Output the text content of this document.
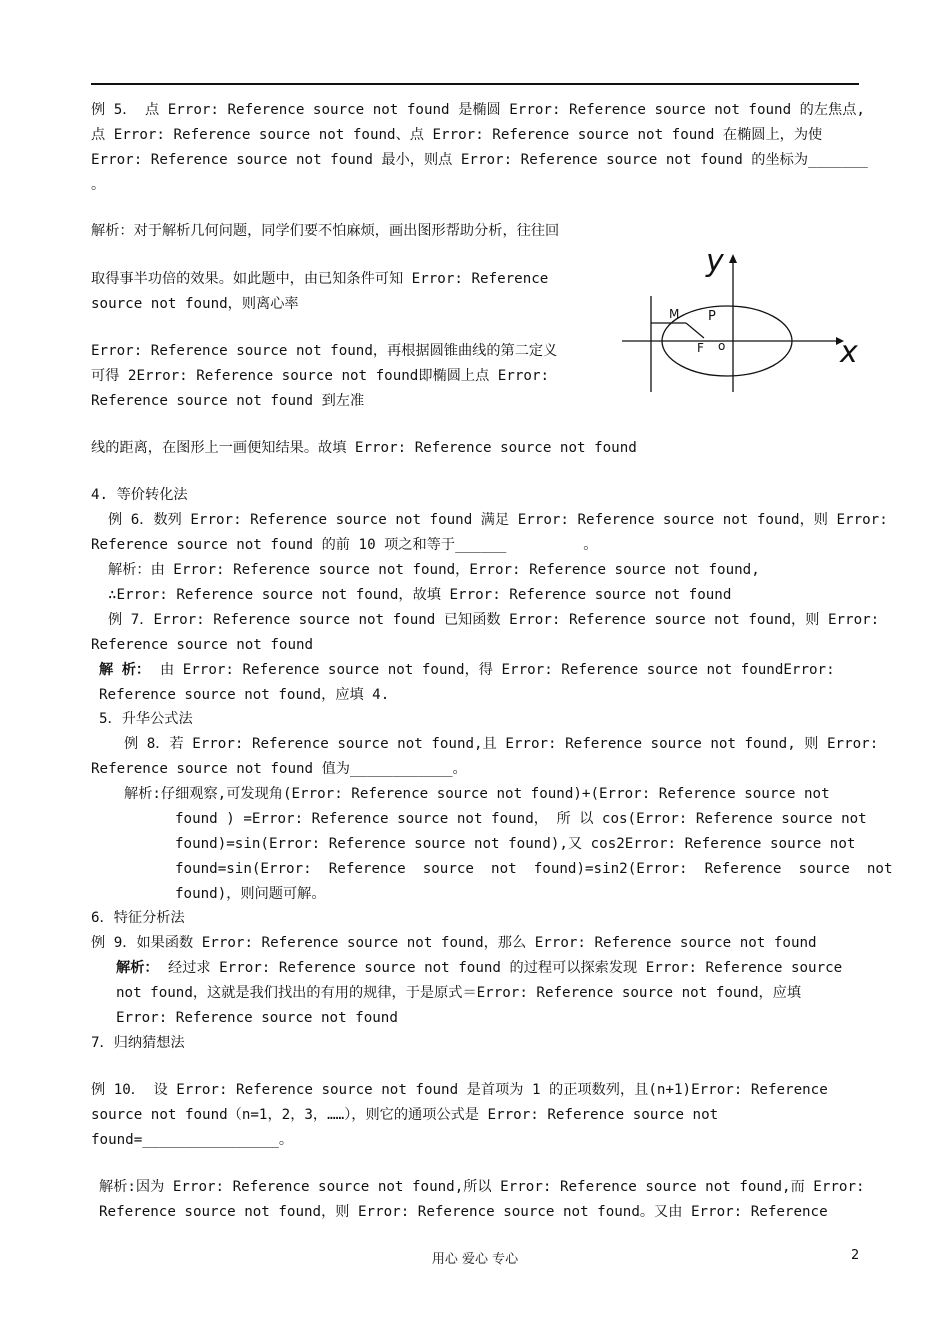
例 5． 点 Error: Reference source not found 是椭圆 Error: Reference source not found 的左焦点,
点 Error: Reference source not found、点 Error: Reference source not found 在椭圆上，为使
Error: Reference source not found 最小，则点 Error: Reference source not found 的坐标为_______
。
解析：对于解析几何问题，同学们要不怕麻烦，画出图形帮助分析，往往回
取得事半功倍的效果。如此题中，由已知条件可知 Error: Reference
source not found，则离心率
Error: Reference source not found，再根据圆锥曲线的第二定义
可得 2Error: Reference source not found即椭圆上点 Error:
Reference source not found 到左准
线的距离，在图形上一画便知结果。故填 Error: Reference source not found
y
x
M P
F o
4. 等价转化法
例 6．数列 Error: Reference source not found 满足 Error: Reference source not found，则 Error:
Reference source not found 的前 10 项之和等于______         。
解析：由 Error: Reference source not found，Error: Reference source not found,
∴Error: Reference source not found，故填 Error: Reference source not found
例 7．Error: Reference source not found 已知函数 Error: Reference source not found，则 Error:
Reference source not found
解 析： 由 Error: Reference source not found，得 Error: Reference source not foundError:
Reference source not found，应填 4.
5．升华公式法
例 8．若 Error: Reference source not found,且 Error: Reference source not found, 则 Error:
Reference source not found 值为____________。
解析:仔细观察,可发现角(Error: Reference source not found)+(Error: Reference source not
found ) =Error: Reference source not found， 所 以 cos(Error: Reference source not
found)=sin(Error: Reference source not found),又 cos2Error: Reference source not
found=sin(Error:  Reference  source  not  found)=sin2(Error:  Reference  source  not
found)，则问题可解。
6．特征分析法
例 9．如果函数 Error: Reference source not found，那么 Error: Reference source not found
解析： 经过求 Error: Reference source not found 的过程可以探索发现 Error: Reference source
not found，这就是我们找出的有用的规律，于是原式＝Error: Reference source not found，应填
Error: Reference source not found
7．归纳猜想法
例 10． 设 Error: Reference source not found 是首项为 1 的正项数列，且(n+1)Error: Reference
source not found（n=1，2，3，……），则它的通项公式是 Error: Reference source not
found=________________。
解析:因为 Error: Reference source not found,所以 Error: Reference source not found,而 Error:
Reference source not found，则 Error: Reference source not found。又由 Error: Reference
用心 爱心 专心	2
